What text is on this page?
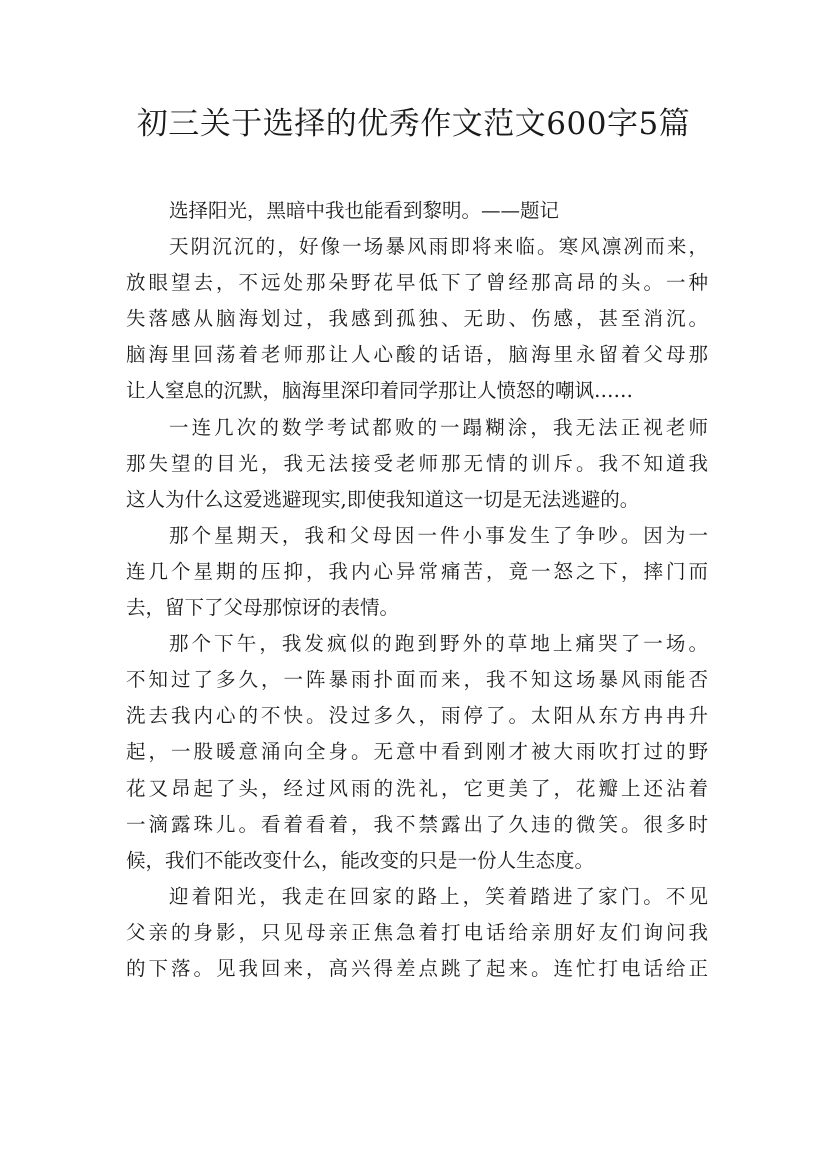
初三关于选择的优秀作文范文600字5篇

选择阳光，黑暗中我也能看到黎明。——题记

天阴沉沉的，好像一场暴风雨即将来临。寒风凛冽而来，
放眼望去，不远处那朵野花早低下了曾经那高昂的头。一种
失落感从脑海划过，我感到孤独、无助、伤感，甚至消沉。
脑海里回荡着老师那让人心酸的话语，脑海里永留着父母那
让人窒息的沉默，脑海里深印着同学那让人愤怒的嘲讽……

一连几次的数学考试都败的一蹋糊涂，我无法正视老师
那失望的目光，我无法接受老师那无情的训斥。我不知道我
这人为什么这爱逃避现实,即使我知道这一切是无法逃避的。

那个星期天，我和父母因一件小事发生了争吵。因为一
连几个星期的压抑，我内心异常痛苦，竟一怒之下，摔门而
去，留下了父母那惊讶的表情。

那个下午，我发疯似的跑到野外的草地上痛哭了一场。
不知过了多久，一阵暴雨扑面而来，我不知这场暴风雨能否
洗去我内心的不快。没过多久，雨停了。太阳从东方冉冉升
起，一股暖意涌向全身。无意中看到刚才被大雨吹打过的野
花又昂起了头，经过风雨的洗礼，它更美了，花瓣上还沾着
一滴露珠儿。看着看着，我不禁露出了久违的微笑。很多时
候，我们不能改变什么，能改变的只是一份人生态度。

迎着阳光，我走在回家的路上，笑着踏进了家门。不见
父亲的身影，只见母亲正焦急着打电话给亲朋好友们询问我
的下落。见我回来，高兴得差点跳了起来。连忙打电话给正
